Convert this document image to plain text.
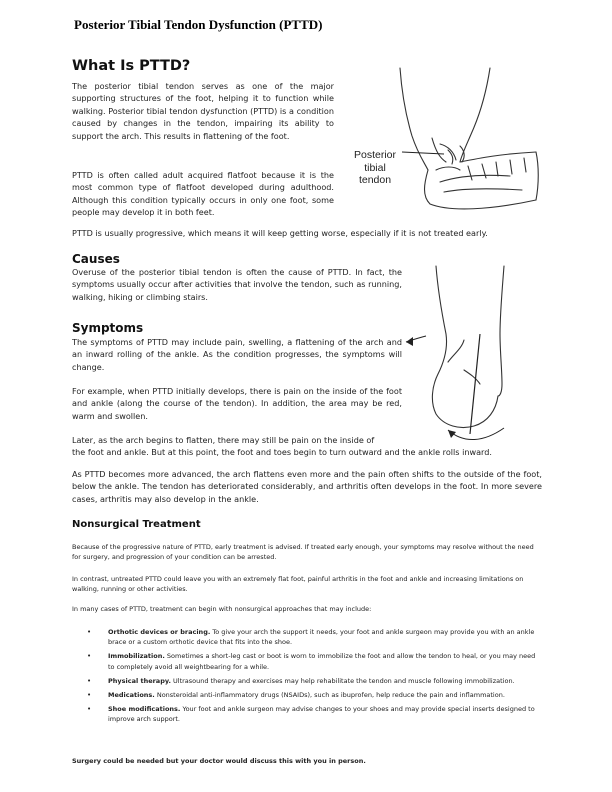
Posterior Tibial Tendon Dysfunction (PTTD)
What Is PTTD?
The posterior tibial tendon serves as one of the major supporting structures of the foot, helping it to function while walking. Posterior tibial tendon dysfunction (PTTD) is a condition caused by changes in the tendon, impairing its ability to support the arch. This results in flattening of the foot.
PTTD is often called adult acquired flatfoot because it is the most common type of flatfoot developed during adulthood. Although this condition typically occurs in only one foot, some people may develop it in both feet.
PTTD is usually progressive, which means it will keep getting worse, especially if it is not treated early.
Posterior
tibial
tendon
Causes
Overuse of the posterior tibial tendon is often the cause of PTTD. In fact, the symptoms usually occur after activities that involve the tendon, such as running, walking, hiking or climbing stairs.
Symptoms
The symptoms of PTTD may include pain, swelling, a flattening of the arch and an inward rolling of the ankle. As the condition progresses, the symptoms will change.
For example, when PTTD initially develops, there is pain on the inside of the foot and ankle (along the course of the tendon). In addition, the area may be red, warm and swollen.
Later, as the arch begins to flatten, there may still be pain on the inside of
the foot and ankle. But at this point, the foot and toes begin to turn outward and the ankle rolls inward.
As PTTD becomes more advanced, the arch flattens even more and the pain often shifts to the outside of the foot, below the ankle. The tendon has deteriorated considerably, and arthritis often develops in the foot. In more severe cases, arthritis may also develop in the ankle.
Nonsurgical Treatment
Because of the progressive nature of PTTD, early treatment is advised. If treated early enough, your symptoms may resolve without the need for surgery, and progression of your condition can be arrested.
In contrast, untreated PTTD could leave you with an extremely flat foot, painful arthritis in the foot and ankle and increasing limitations on walking, running or other activities.
In many cases of PTTD, treatment can begin with nonsurgical approaches that may include:
•	Orthotic devices or bracing. To give your arch the support it needs, your foot and ankle surgeon may provide you with an ankle brace or a custom orthotic device that fits into the shoe.
•	Immobilization. Sometimes a short-leg cast or boot is worn to immobilize the foot and allow the tendon to heal, or you may need to completely avoid all weightbearing for a while.
•	Physical therapy. Ultrasound therapy and exercises may help rehabilitate the tendon and muscle following immobilization.
•	Medications. Nonsteroidal anti-inflammatory drugs (NSAIDs), such as ibuprofen, help reduce the pain and inflammation.
•	Shoe modifications. Your foot and ankle surgeon may advise changes to your shoes and may provide special inserts designed to improve arch support.
Surgery could be needed but your doctor would discuss this with you in person.
